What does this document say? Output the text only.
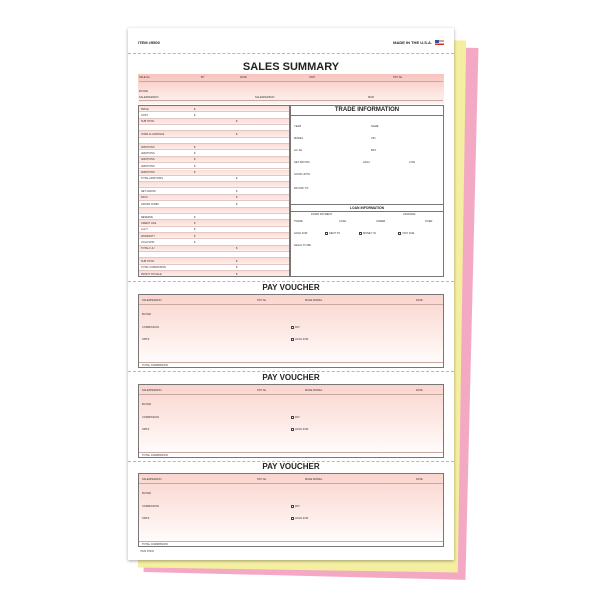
ITEM #5500	MADE IN THE U.S.A.
SALES SUMMARY
SALE No.	BY	DATE	UNIT	STK No.
BUYER
SALESPERSON	SALESPERSON	MGR
PRICE	$
COST	$
SUB TOTAL	$
OVER ALLOWANCE	$
ADDITIONS	$
ADDITIONS	$
ADDITIONS	$
ADDITIONS	$
ADDITIONS	$
TOTAL ADDITIONS	$
NET GROSS	$
PACK	$
GROSS COMM.	$
RESERVE	$
CREDIT LIFE	$
A & H	$
WARRANTY	$
COLLISION	$
TOTAL F & I	$
SUB TOTAL	$
TOTAL COMMISSION	$
PROFIT ON SALE	$
TRADE INFORMATION
YEAR	NAME
MODEL	VIN
LIC No.	BDY
NET PAYOFF	HIGH	LOW
GOOD UNTIL
PAYOFF TO:
LOAN INFORMATION
DOWN PAYMENT	ADVANCE
TRADE	CASH	UNDER	OVER
HOLD FOR	SENT TO	MONEY IN	I PAY DUE
LEGAL TO BE:
PAY VOUCHER
SALESPERSON	STK No.	MAKE MODEL	DATE
BUYER
COMMISSION	PAY
SPIFF	HOLD FOR
TOTAL COMMISSION
PAY VOUCHER
SALESPERSON	STK No.	MAKE MODEL	DATE
BUYER
COMMISSION	PAY
SPIFF	HOLD FOR
TOTAL COMMISSION
PAY VOUCHER
SALESPERSON	STK No.	MAKE MODEL	DATE
BUYER
COMMISSION	PAY
SPIFF	HOLD FOR
TOTAL COMMISSION
ITEM #5500
